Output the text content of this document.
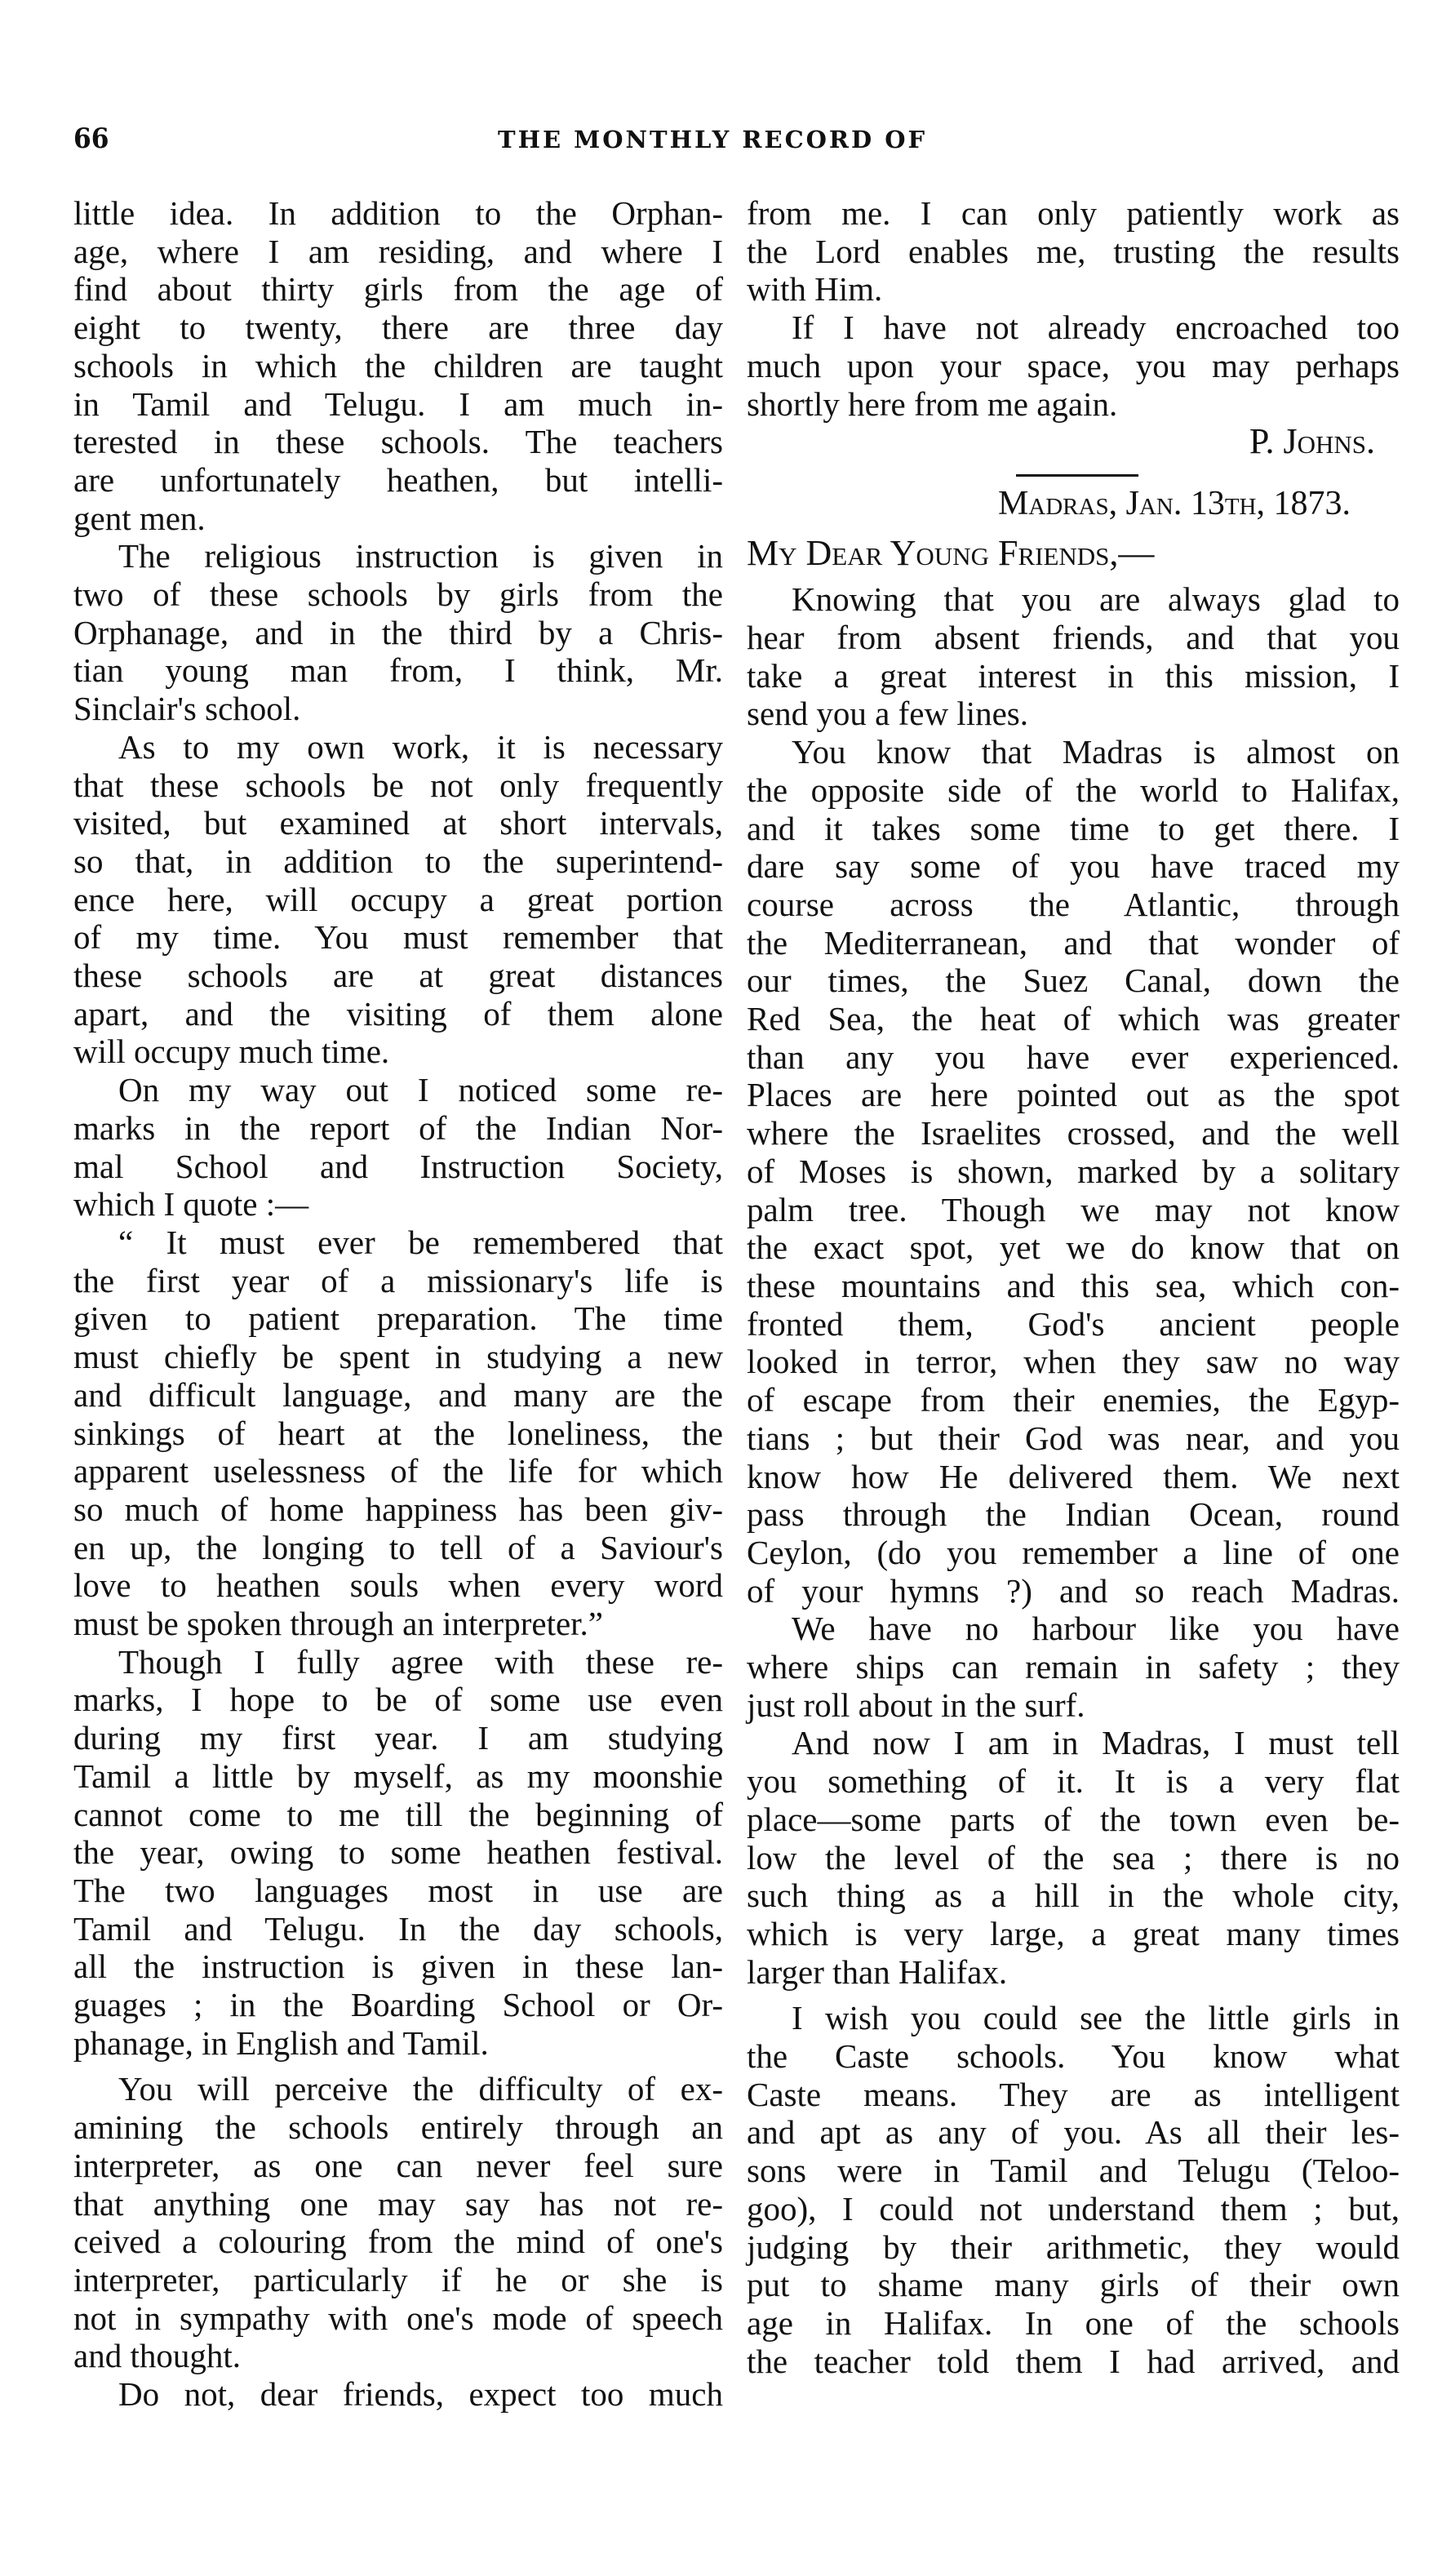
66	THE MONTHLY RECORD OF
little idea. In addition to the Orphan-
age, where I am residing, and where I
find about thirty girls from the age of
eight to twenty, there are three day
schools in which the children are taught
in Tamil and Telugu. I am much in-
terested in these schools. The teachers
are unfortunately heathen, but intelli-
gent men.
The religious instruction is given in
two of these schools by girls from the
Orphanage, and in the third by a Chris-
tian young man from, I think, Mr.
Sinclair's school.
As to my own work, it is necessary
that these schools be not only frequently
visited, but examined at short intervals,
so that, in addition to the superintend-
ence here, will occupy a great portion
of my time. You must remember that
these schools are at great distances
apart, and the visiting of them alone
will occupy much time.
On my way out I noticed some re-
marks in the report of the Indian Nor-
mal School and Instruction Society,
which I quote :—
“ It must ever be remembered that
the first year of a missionary's life is
given to patient preparation. The time
must chiefly be spent in studying a new
and difficult language, and many are the
sinkings of heart at the loneliness, the
apparent uselessness of the life for which
so much of home happiness has been giv-
en up, the longing to tell of a Saviour's
love to heathen souls when every word
must be spoken through an interpreter.”
Though I fully agree with these re-
marks, I hope to be of some use even
during my first year. I am studying
Tamil a little by myself, as my moonshie
cannot come to me till the beginning of
the year, owing to some heathen festival.
The two languages most in use are
Tamil and Telugu. In the day schools,
all the instruction is given in these lan-
guages ; in the Boarding School or Or-
phanage, in English and Tamil.
You will perceive the difficulty of ex-
amining the schools entirely through an
interpreter, as one can never feel sure
that anything one may say has not re-
ceived a colouring from the mind of one's
interpreter, particularly if he or she is
not in sympathy with one's mode of speech
and thought.
Do not, dear friends, expect too much
from me. I can only patiently work as
the Lord enables me, trusting the results
with Him.
If I have not already encroached too
much upon your space, you may perhaps
shortly here from me again.
P. Johns.
Madras, Jan. 13th, 1873.
My Dear Young Friends,—
Knowing that you are always glad to
hear from absent friends, and that you
take a great interest in this mission, I
send you a few lines.
You know that Madras is almost on
the opposite side of the world to Halifax,
and it takes some time to get there. I
dare say some of you have traced my
course across the Atlantic, through
the Mediterranean, and that wonder of
our times, the Suez Canal, down the
Red Sea, the heat of which was greater
than any you have ever experienced.
Places are here pointed out as the spot
where the Israelites crossed, and the well
of Moses is shown, marked by a solitary
palm tree. Though we may not know
the exact spot, yet we do know that on
these mountains and this sea, which con-
fronted them, God's ancient people
looked in terror, when they saw no way
of escape from their enemies, the Egyp-
tians ; but their God was near, and you
know how He delivered them. We next
pass through the Indian Ocean, round
Ceylon, (do you remember a line of one
of your hymns ?) and so reach Madras.
We have no harbour like you have
where ships can remain in safety ; they
just roll about in the surf.
And now I am in Madras, I must tell
you something of it. It is a very flat
place—some parts of the town even be-
low the level of the sea ; there is no
such thing as a hill in the whole city,
which is very large, a great many times
larger than Halifax.
I wish you could see the little girls in
the Caste schools. You know what
Caste means. They are as intelligent
and apt as any of you. As all their les-
sons were in Tamil and Telugu (Teloo-
goo), I could not understand them ; but,
judging by their arithmetic, they would
put to shame many girls of their own
age in Halifax. In one of the schools
the teacher told them I had arrived, and
